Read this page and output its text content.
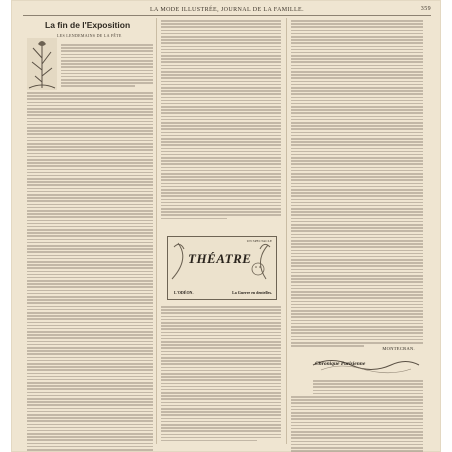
LA MODE ILLUSTRÉE, JOURNAL DE LA FAMILLE.	359
La fin de l'Exposition
LES LENDEMAINS DE LA FÊTE
UN SPECTACLE
THÉATRE
L'ODÉON.	La Guerre en dentelles.
MONTECRAN.
Chronique Parisienne
